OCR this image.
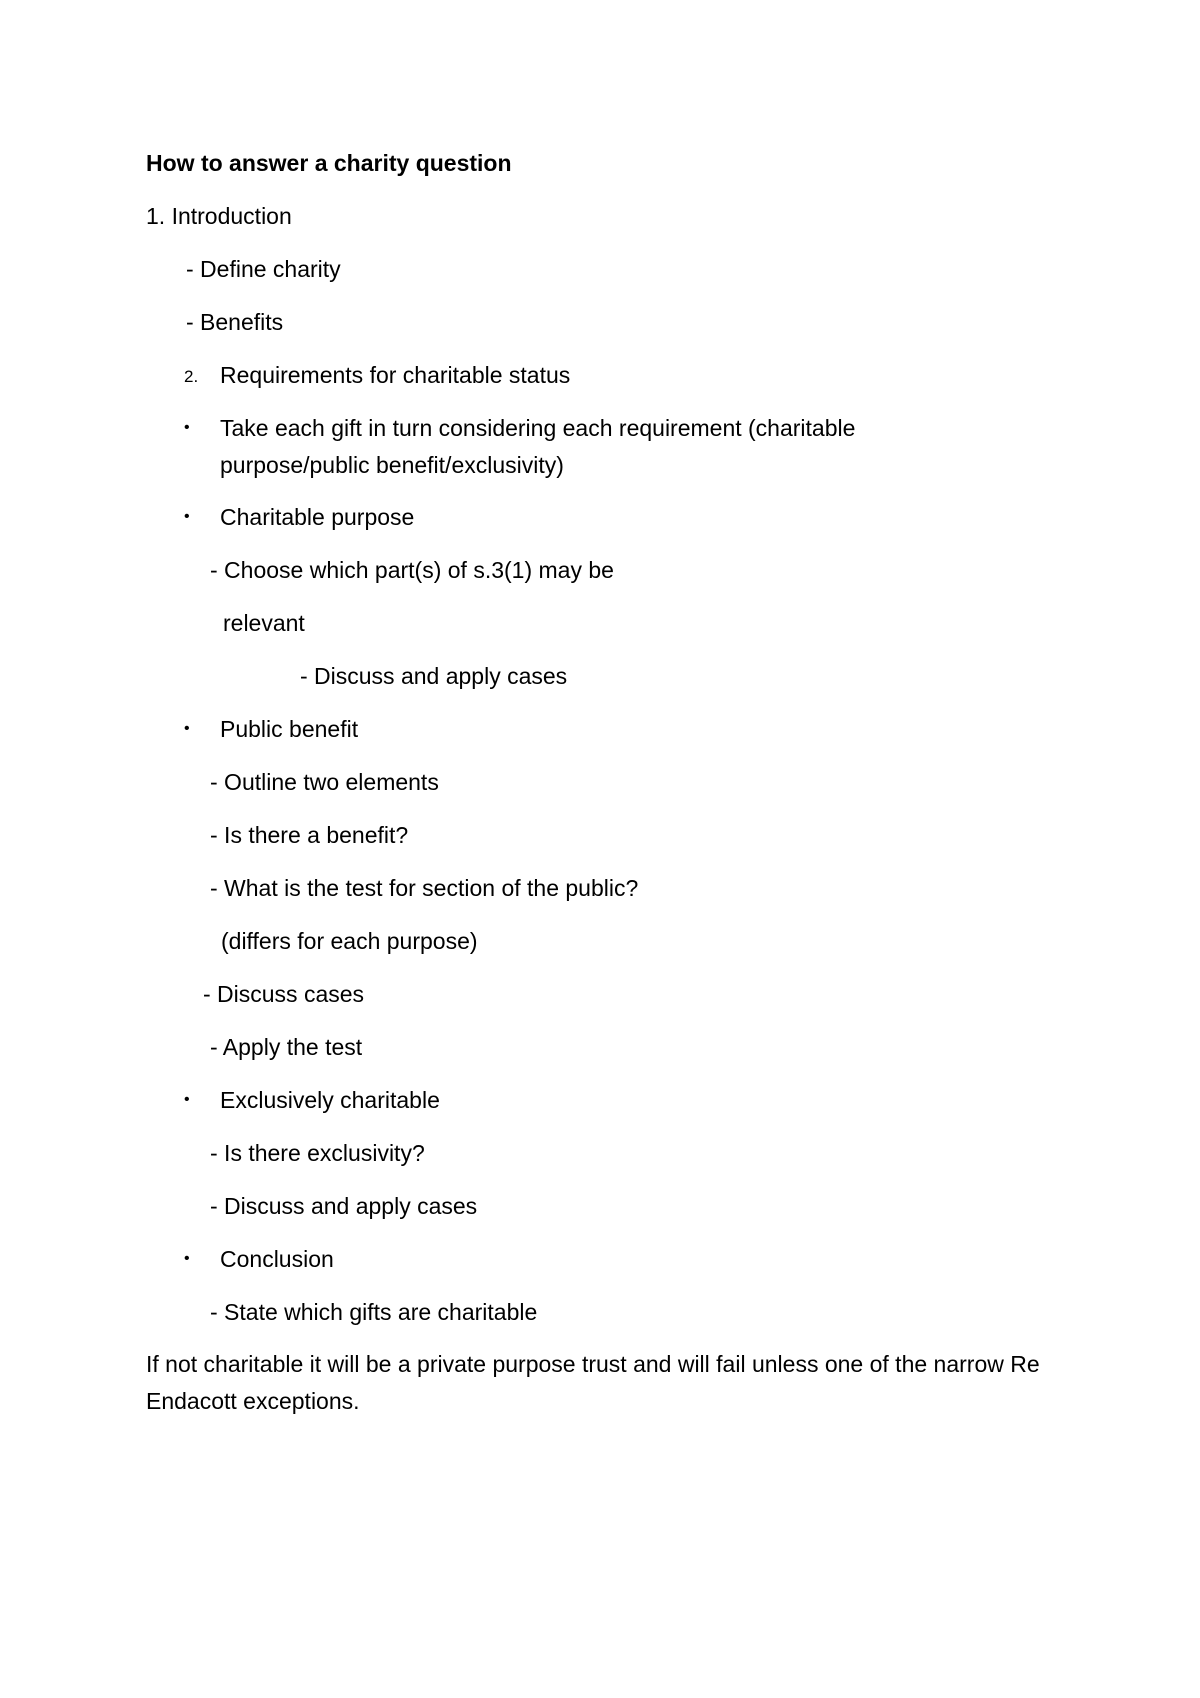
How to answer a charity question

1. Introduction

- Define charity

- Benefits

2. Requirements for charitable status

• Take each gift in turn considering each requirement (charitable

purpose/public benefit/exclusivity)

• Charitable purpose

- Choose which part(s) of s.3(1) may be

relevant

- Discuss and apply cases

• Public benefit

- Outline two elements

- Is there a benefit?

- What is the test for section of the public?

(differs for each purpose)

- Discuss cases

- Apply the test

• Exclusively charitable

- Is there exclusivity?

- Discuss and apply cases

• Conclusion

- State which gifts are charitable

If not charitable it will be a private purpose trust and will fail unless one of the narrow Re Endacott exceptions.
